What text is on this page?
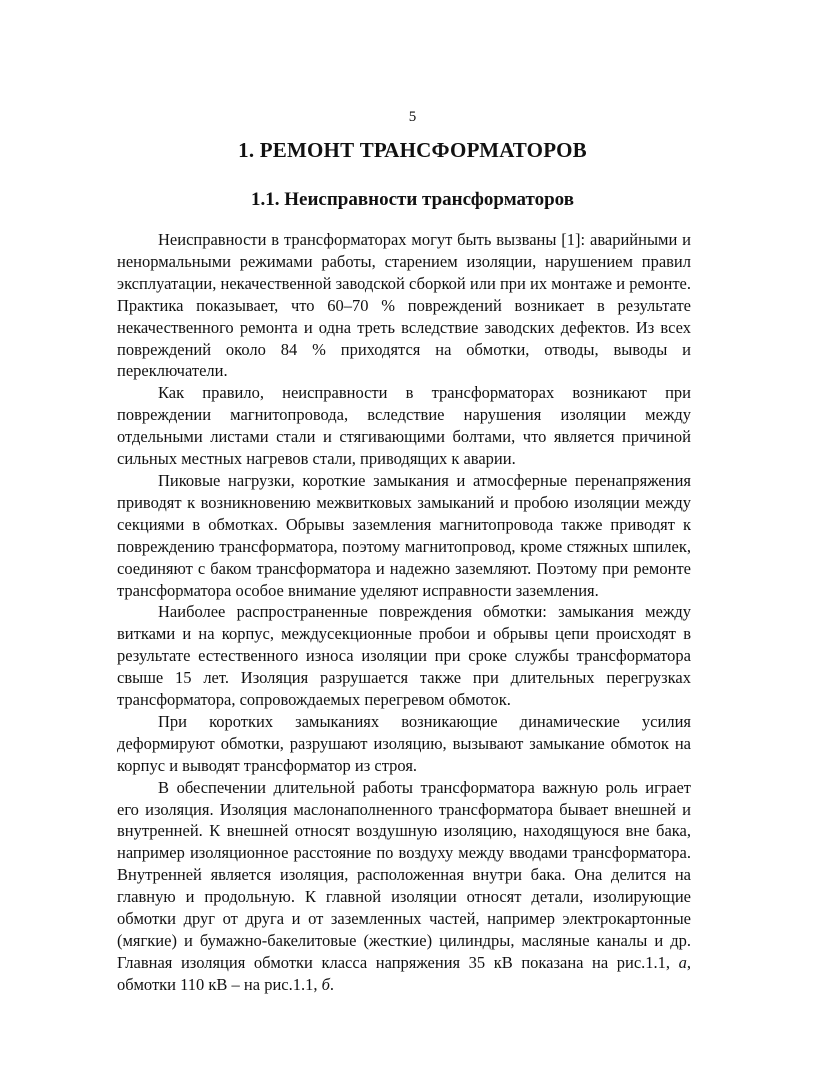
5
1. РЕМОНТ ТРАНСФОРМАТОРОВ
1.1. Неисправности трансформаторов

Неисправности в трансформаторах могут быть вызваны [1]: аварийными и ненормальными режимами работы, старением изоляции, нарушением правил эксплуатации, некачественной заводской сборкой или при их монтаже и ремонте. Практика показывает, что 60–70 % повреждений возникает в результате некачественного ремонта и одна треть вследствие заводских дефектов. Из всех повреждений около 84 % приходятся на обмотки, отводы, выводы и переключатели.

Как правило, неисправности в трансформаторах возникают при повреждении магнитопровода, вследствие нарушения изоляции между отдельными листами стали и стягивающими болтами, что является причиной сильных местных нагревов стали, приводящих к аварии.

Пиковые нагрузки, короткие замыкания и атмосферные перенапряжения приводят к возникновению межвитковых замыканий и пробою изоляции между секциями в обмотках. Обрывы заземления магнитопровода также приводят к повреждению трансформатора, поэтому магнитопровод, кроме стяжных шпилек, соединяют с баком трансформатора и надежно заземляют. Поэтому при ремонте трансформатора особое внимание уделяют исправности заземления.

Наиболее распространенные повреждения обмотки: замыкания между витками и на корпус, междусекционные пробои и обрывы цепи происходят в результате естественного износа изоляции при сроке службы трансформатора свыше 15 лет. Изоляция разрушается также при длительных перегрузках трансформатора, сопровождаемых перегревом обмоток.

При коротких замыканиях возникающие динамические усилия деформируют обмотки, разрушают изоляцию, вызывают замыкание обмоток на корпус и выводят трансформатор из строя.

В обеспечении длительной работы трансформатора важную роль играет его изоляция. Изоляция маслонаполненного трансформатора бывает внешней и внутренней. К внешней относят воздушную изоляцию, находящуюся вне бака, например изоляционное расстояние по воздуху между вводами трансформатора. Внутренней является изоляция, расположенная внутри бака. Она делится на главную и продольную. К главной изоляции относят детали, изолирующие обмотки друг от друга и от заземленных частей, например электрокартонные (мягкие) и бумажно-бакелитовые (жесткие) цилиндры, масляные каналы и др. Главная изоляция обмотки класса напряжения 35 кВ показана на рис.1.1, а, обмотки 110 кВ – на рис.1.1, б.
